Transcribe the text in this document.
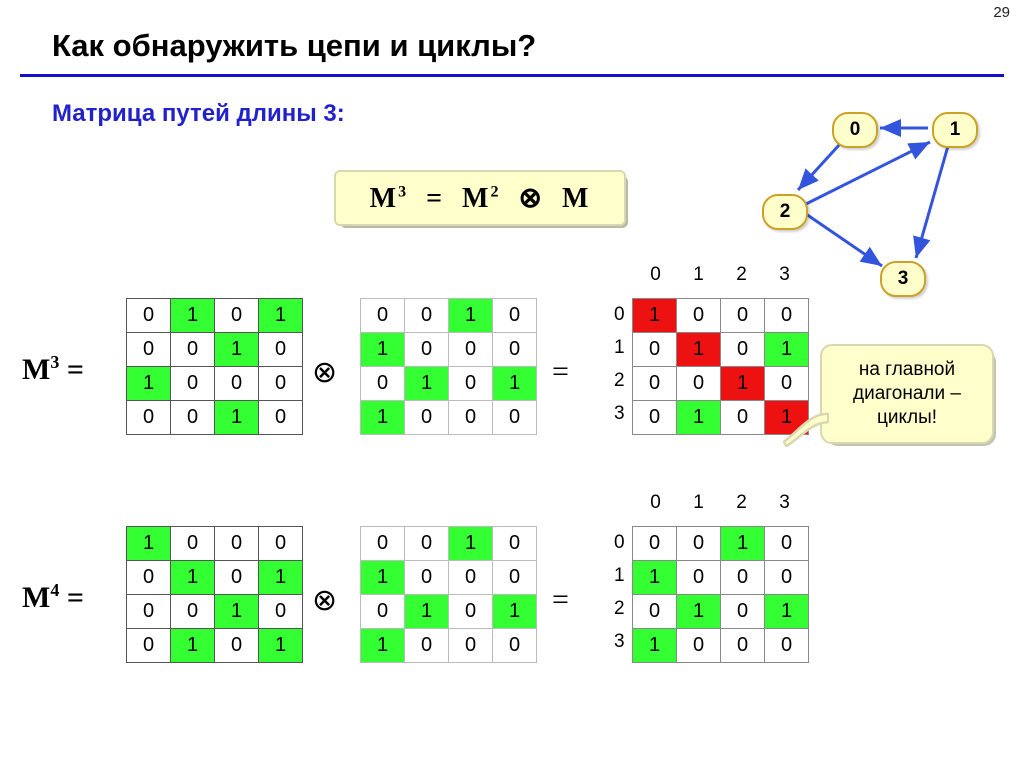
29
Как обнаружить цепи и циклы?
Матрица путей длины 3:
$M^3 = M^2$ ⊗ M
0	1
2
3
$M^3$ =
0	1	0	1
0	0	1	0
1	0	0	0
0	0	1	0
⊗
0	0	1	0
1	0	0	0
0	1	0	1
1	0	0	0
=
0 1 2 3
0
1
2
3
1	0	0	0
0	1	0	1
0	0	1	0
0	1	0	1
на главной
диагонали –
циклы!
$M^4$ =
1	0	0	0
0	1	0	1
0	0	1	0
0	1	0	1
⊗
0	0	1	0
1	0	0	0
0	1	0	1
1	0	0	0
=
0 1 2 3
0
1
2
3
0	0	1	0
1	0	0	0
0	1	0	1
1	0	0	0
